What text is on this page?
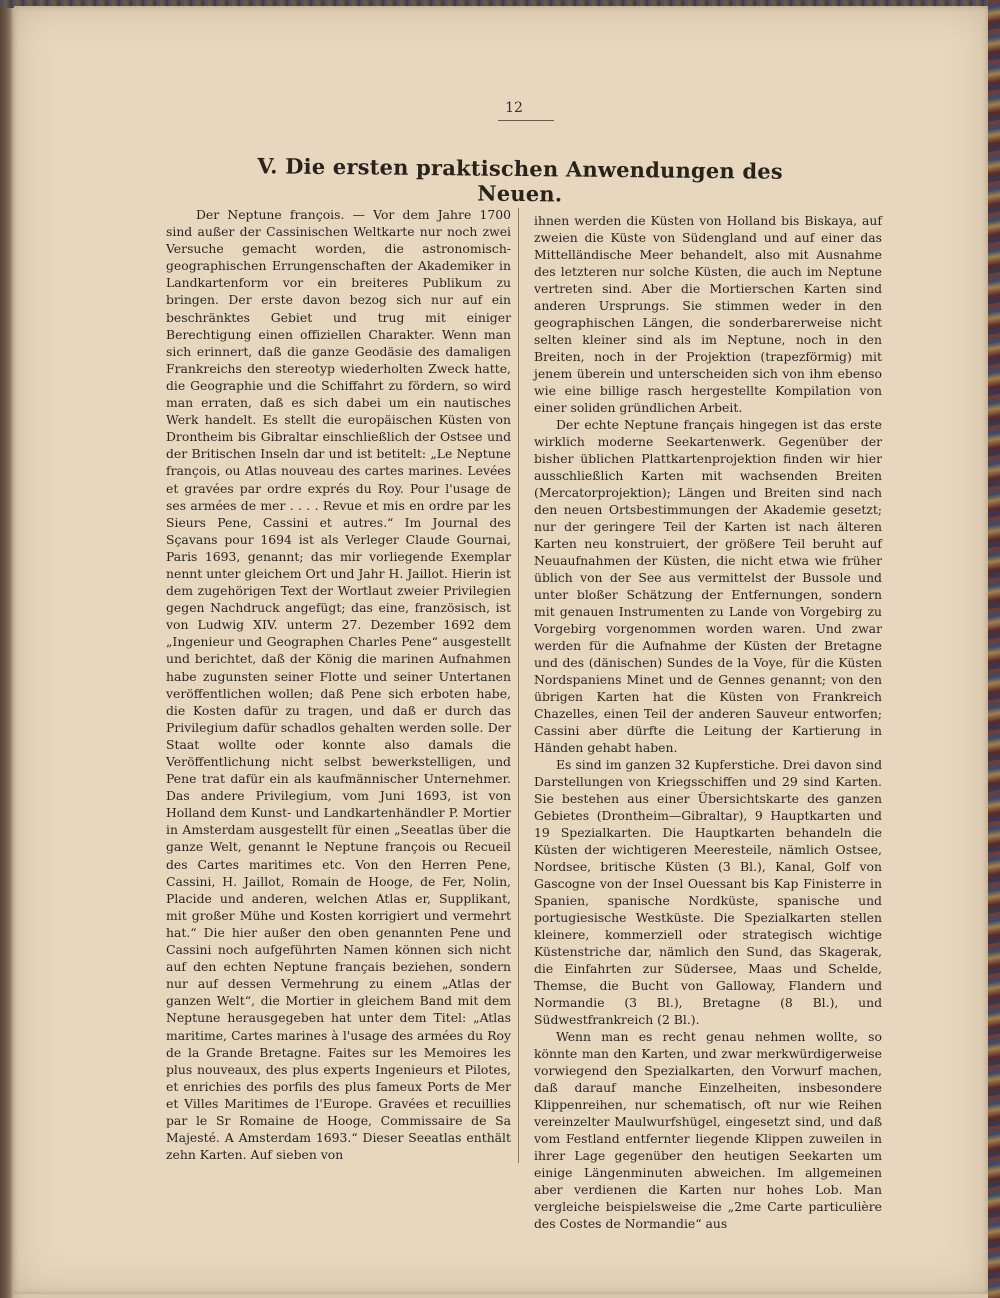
12
V. Die ersten praktischen Anwendungen des Neuen.

Der Neptune françois. — Vor dem Jahre 1700 sind außer der Cassinischen Weltkarte nur noch zwei Versuche gemacht worden, die astronomisch-geographischen Errungenschaften der Akademiker in Landkartenform vor ein breiteres Publikum zu bringen. Der erste davon bezog sich nur auf ein beschränktes Gebiet und trug mit einiger Berechtigung einen offiziellen Charakter. Wenn man sich erinnert, daß die ganze Geodäsie des damaligen Frankreichs den stereotyp wiederholten Zweck hatte, die Geographie und die Schiffahrt zu fördern, so wird man erraten, daß es sich dabei um ein nautisches Werk handelt. Es stellt die europäischen Küsten von Drontheim bis Gibraltar einschließlich der Ostsee und der Britischen Inseln dar und ist betitelt: „Le Neptune françois, ou Atlas nouveau des cartes marines. Levées et gravées par ordre exprés du Roy. Pour l'usage de ses armées de mer . . . . Revue et mis en ordre par les Sieurs Pene, Cassini et autres.“ Im Journal des Sçavans pour 1694 ist als Verleger Claude Gournai, Paris 1693, genannt; das mir vorliegende Exemplar nennt unter gleichem Ort und Jahr H. Jaillot. Hierin ist dem zugehörigen Text der Wortlaut zweier Privilegien gegen Nachdruck angefügt; das eine, französisch, ist von Ludwig XIV. unterm 27. Dezember 1692 dem „Ingenieur und Geographen Charles Pene“ ausgestellt und berichtet, daß der König die marinen Aufnahmen habe zugunsten seiner Flotte und seiner Untertanen veröffentlichen wollen; daß Pene sich erboten habe, die Kosten dafür zu tragen, und daß er durch das Privilegium dafür schadlos gehalten werden solle. Der Staat wollte oder konnte also damals die Veröffentlichung nicht selbst bewerkstelligen, und Pene trat dafür ein als kaufmännischer Unternehmer. Das andere Privilegium, vom Juni 1693, ist von Holland dem Kunst- und Landkartenhändler P. Mortier in Amsterdam ausgestellt für einen „Seeatlas über die ganze Welt, genannt le Neptune françois ou Recueil des Cartes maritimes etc. Von den Herren Pene, Cassini, H. Jaillot, Romain de Hooge, de Fer, Nolin, Placide und anderen, welchen Atlas er, Supplikant, mit großer Mühe und Kosten korrigiert und vermehrt hat.“ Die hier außer den oben genannten Pene und Cassini noch aufgeführten Namen können sich nicht auf den echten Neptune français beziehen, sondern nur auf dessen Vermehrung zu einem „Atlas der ganzen Welt“, die Mortier in gleichem Band mit dem Neptune herausgegeben hat unter dem Titel: „Atlas maritime, Cartes marines à l'usage des armées du Roy de la Grande Bretagne. Faites sur les Memoires les plus nouveaux, des plus experts Ingenieurs et Pilotes, et enrichies des porfils des plus fameux Ports de Mer et Villes Maritimes de l'Europe. Gravées et recuillies par le Sr Romaine de Hooge, Commissaire de Sa Majesté. A Amsterdam 1693.“ Dieser Seeatlas enthält zehn Karten. Auf sieben von

ihnen werden die Küsten von Holland bis Biskaya, auf zweien die Küste von Südengland und auf einer das Mittelländische Meer behandelt, also mit Ausnahme des letzteren nur solche Küsten, die auch im Neptune vertreten sind. Aber die Mortierschen Karten sind anderen Ursprungs. Sie stimmen weder in den geographischen Längen, die sonderbarerweise nicht selten kleiner sind als im Neptune, noch in den Breiten, noch in der Projektion (trapezförmig) mit jenem überein und unterscheiden sich von ihm ebenso wie eine billige rasch hergestellte Kompilation von einer soliden gründlichen Arbeit.

Der echte Neptune français hingegen ist das erste wirklich moderne Seekartenwerk. Gegenüber der bisher üblichen Plattkartenprojektion finden wir hier ausschließlich Karten mit wachsenden Breiten (Mercatorprojektion); Längen und Breiten sind nach den neuen Ortsbestimmungen der Akademie gesetzt; nur der geringere Teil der Karten ist nach älteren Karten neu konstruiert, der größere Teil beruht auf Neuaufnahmen der Küsten, die nicht etwa wie früher üblich von der See aus vermittelst der Bussole und unter bloßer Schätzung der Entfernungen, sondern mit genauen Instrumenten zu Lande von Vorgebirg zu Vorgebirg vorgenommen worden waren. Und zwar werden für die Aufnahme der Küsten der Bretagne und des (dänischen) Sundes de la Voye, für die Küsten Nordspaniens Minet und de Gennes genannt; von den übrigen Karten hat die Küsten von Frankreich Chazelles, einen Teil der anderen Sauveur entworfen; Cassini aber dürfte die Leitung der Kartierung in Händen gehabt haben.

Es sind im ganzen 32 Kupferstiche. Drei davon sind Darstellungen von Kriegsschiffen und 29 sind Karten. Sie bestehen aus einer Übersichtskarte des ganzen Gebietes (Drontheim—Gibraltar), 9 Hauptkarten und 19 Spezialkarten. Die Hauptkarten behandeln die Küsten der wichtigeren Meeresteile, nämlich Ostsee, Nordsee, britische Küsten (3 Bl.), Kanal, Golf von Gascogne von der Insel Ouessant bis Kap Finisterre in Spanien, spanische Nordküste, spanische und portugiesische Westküste. Die Spezialkarten stellen kleinere, kommerziell oder strategisch wichtige Küstenstriche dar, nämlich den Sund, das Skagerak, die Einfahrten zur Südersee, Maas und Schelde, Themse, die Bucht von Galloway, Flandern und Normandie (3 Bl.), Bretagne (8 Bl.), und Südwestfrankreich (2 Bl.).

Wenn man es recht genau nehmen wollte, so könnte man den Karten, und zwar merkwürdigerweise vorwiegend den Spezialkarten, den Vorwurf machen, daß darauf manche Einzelheiten, insbesondere Klippenreihen, nur schematisch, oft nur wie Reihen vereinzelter Maulwurfshügel, eingesetzt sind, und daß vom Festland entfernter liegende Klippen zuweilen in ihrer Lage gegenüber den heutigen Seekarten um einige Längenminuten abweichen. Im allgemeinen aber verdienen die Karten nur hohes Lob. Man vergleiche beispielsweise die „2me Carte particulière des Costes de Normandie“ aus
